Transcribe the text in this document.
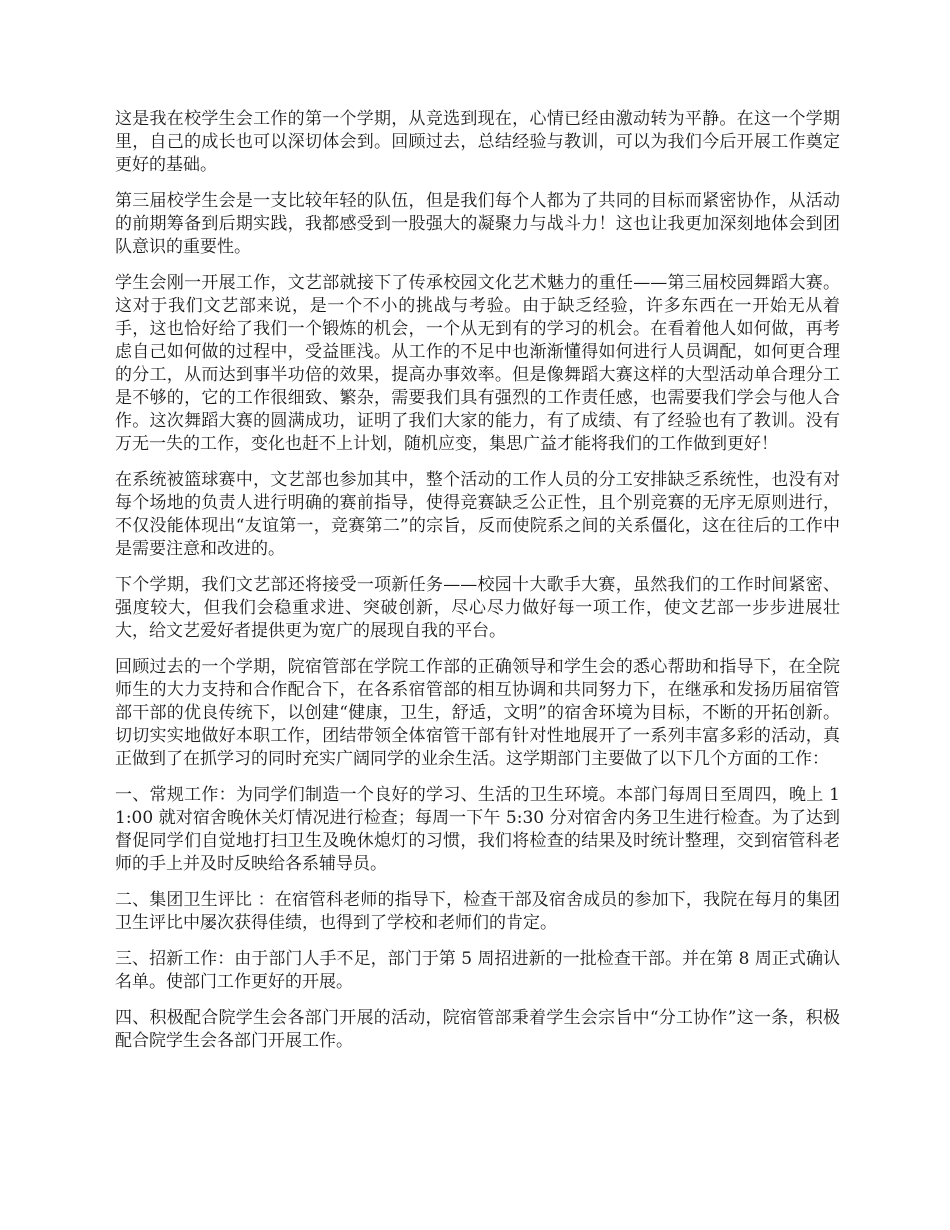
这是我在校学生会工作的第一个学期，从竞选到现在，心情已经由激动转为平静。在这一个学期里，自己的成长也可以深切体会到。回顾过去，总结经验与教训，可以为我们今后开展工作奠定更好的基础。

第三届校学生会是一支比较年轻的队伍，但是我们每个人都为了共同的目标而紧密协作，从活动的前期筹备到后期实践，我都感受到一股强大的凝聚力与战斗力！这也让我更加深刻地体会到团队意识的重要性。

学生会刚一开展工作，文艺部就接下了传承校园文化艺术魅力的重任——第三届校园舞蹈大赛。这对于我们文艺部来说，是一个不小的挑战与考验。由于缺乏经验，许多东西在一开始无从着手，这也恰好给了我们一个锻炼的机会，一个从无到有的学习的机会。在看着他人如何做，再考虑自己如何做的过程中，受益匪浅。从工作的不足中也渐渐懂得如何进行人员调配，如何更合理的分工，从而达到事半功倍的效果，提高办事效率。但是像舞蹈大赛这样的大型活动单合理分工是不够的，它的工作很细致、繁杂，需要我们具有强烈的工作责任感，也需要我们学会与他人合作。这次舞蹈大赛的圆满成功，证明了我们大家的能力，有了成绩、有了经验也有了教训。没有万无一失的工作，变化也赶不上计划，随机应变，集思广益才能将我们的工作做到更好！

在系统被篮球赛中，文艺部也参加其中，整个活动的工作人员的分工安排缺乏系统性，也没有对每个场地的负责人进行明确的赛前指导，使得竞赛缺乏公正性，且个别竞赛的无序无原则进行，不仅没能体现出“友谊第一，竞赛第二”的宗旨，反而使院系之间的关系僵化，这在往后的工作中是需要注意和改进的。

下个学期，我们文艺部还将接受一项新任务——校园十大歌手大赛，虽然我们的工作时间紧密、强度较大，但我们会稳重求进、突破创新，尽心尽力做好每一项工作，使文艺部一步步进展壮大，给文艺爱好者提供更为宽广的展现自我的平台。

回顾过去的一个学期，院宿管部在学院工作部的正确领导和学生会的悉心帮助和指导下，在全院师生的大力支持和合作配合下，在各系宿管部的相互协调和共同努力下，在继承和发扬历届宿管部干部的优良传统下，以创建“健康，卫生，舒适，文明”的宿舍环境为目标，不断的开拓创新。切切实实地做好本职工作，团结带领全体宿管干部有针对性地展开了一系列丰富多彩的活动，真正做到了在抓学习的同时充实广阔同学的业余生活。这学期部门主要做了以下几个方面的工作：

一、常规工作：为同学们制造一个良好的学习、生活的卫生环境。本部门每周日至周四，晚上 11:00 就对宿舍晚休关灯情况进行检查；每周一下午 5:30 分对宿舍内务卫生进行检查。为了达到督促同学们自觉地打扫卫生及晚休熄灯的习惯，我们将检查的结果及时统计整理，交到宿管科老师的手上并及时反映给各系辅导员。

二、集团卫生评比 ：在宿管科老师的指导下，检查干部及宿舍成员的参加下，我院在每月的集团卫生评比中屡次获得佳绩，也得到了学校和老师们的肯定。

三、招新工作：由于部门人手不足，部门于第 5 周招进新的一批检查干部。并在第 8 周正式确认名单。使部门工作更好的开展。

四、积极配合院学生会各部门开展的活动，院宿管部秉着学生会宗旨中“分工协作”这一条，积极配合院学生会各部门开展工作。
